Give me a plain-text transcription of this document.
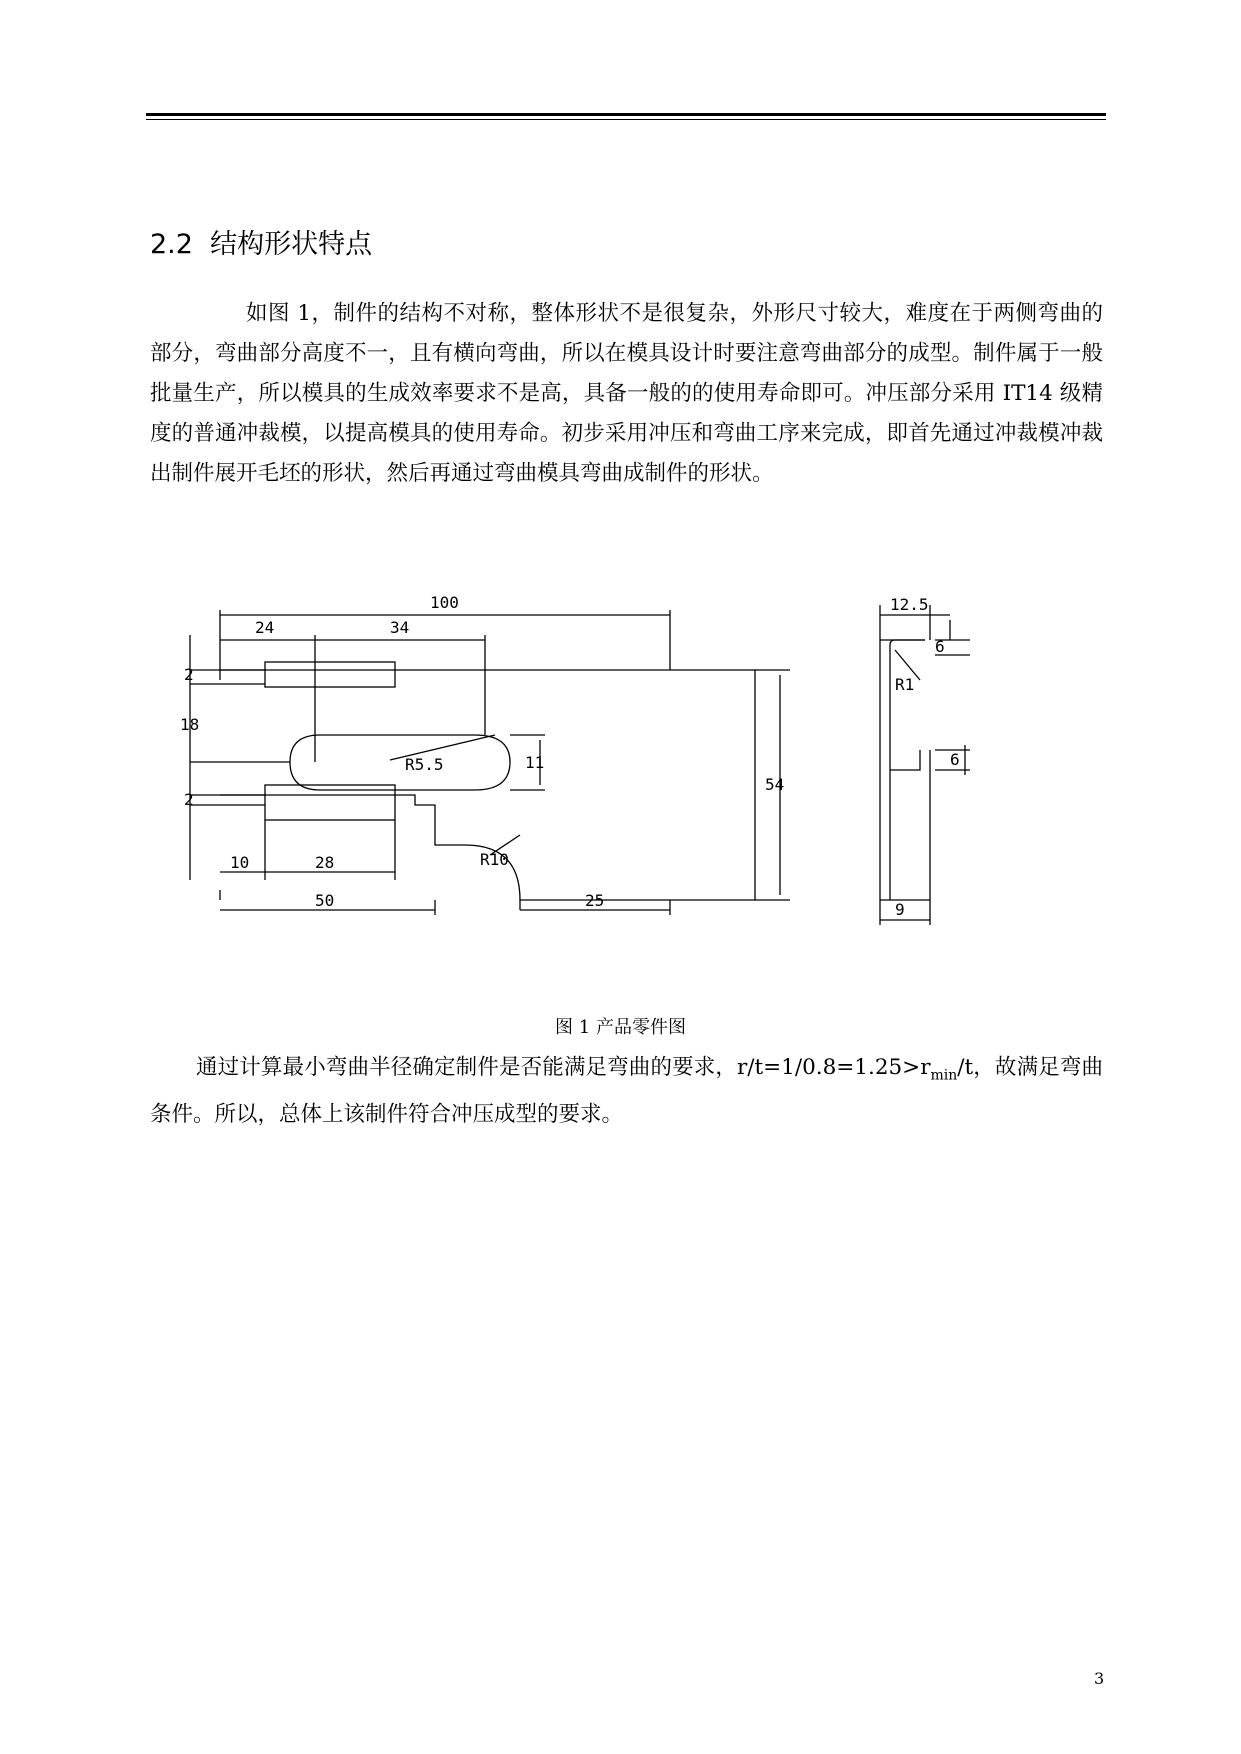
2.2 结构形状特点
如图 1，制件的结构不对称，整体形状不是很复杂，外形尺寸较大，难度在于两侧弯曲的部分，弯曲部分高度不一，且有横向弯曲，所以在模具设计时要注意弯曲部分的成型。制件属于一般批量生产，所以模具的生成效率要求不是高，具备一般的的使用寿命即可。冲压部分采用 IT14 级精度的普通冲裁模，以提高模具的使用寿命。初步采用冲压和弯曲工序来完成，即首先通过冲裁模冲裁出制件展开毛坯的形状，然后再通过弯曲模具弯曲成制件的形状。
100
24	34
2
18
2
11
R5.5
10	28
50	25
R10
54
12.5
6
R1
6
9
图 1 产品零件图
通过计算最小弯曲半径确定制件是否能满足弯曲的要求，$r/t=1/0.8=1.25>r_{min}/t$，故满足弯曲条件。所以，总体上该制件符合冲压成型的要求。
3
